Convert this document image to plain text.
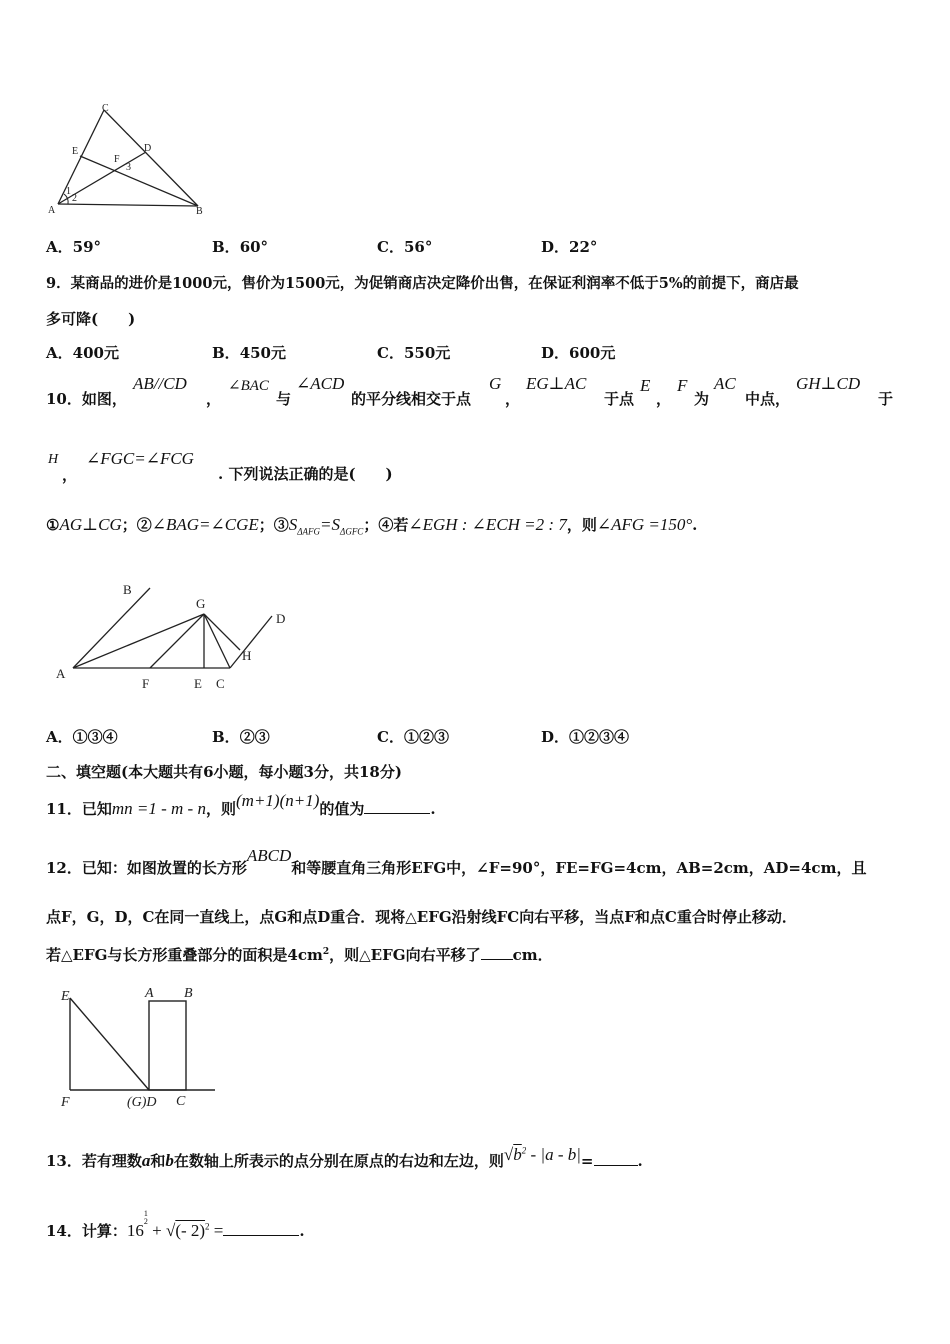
C
E	D
F
A	B
1
2
3
A．59°	B．60°	C．56°	D．22°
9．某商品的进价是1000元，售价为1500元，为促销商店决定降价出售，在保证利润率不低于5%的前提下，商店最
多可降(　　)
A．400元	B．450元	C．550元	D．600元
10．如图，
AB//CD
，
∠BAC
与
∠ACD
的平分线相交于点
G
，
EG⊥AC
于点
E
，
F
为
AC
中点，
GH⊥CD
于
H
，
∠FGC=∠FCG
. 下列说法正确的是(　　)
①AG⊥CG；②∠BAG=∠CGE；$③S_{\Delta AFG}=S_{\Delta GFC}$；④若∠EGH : ∠ECH =2 : 7，则∠AFG =150°.
B
G
D
H
A
F	E C
A．①③④	B．②③	C．①②③	D．①②③④
二、填空题(本大题共有6小题，每小题3分，共18分)
11．已知mn =1 - m - n，则(m+1)(n+1)的值为	.
12．已知：如图放置的长方形ABCD和等腰直角三角形EFG中，∠F=90°，FE=FG=4cm，AB=2cm，AD=4cm，且
点F，G，D，C在同一直线上，点G和点D重合．现将△EFG沿射线FC向右平移，当点F和点C重合时停止移动．
若△EFG与长方形重叠部分的面积是$4cm^2$，则△EFG向右平移了 cm．
E	A B
F	(G)D C
13．若有理数a和b在数轴上所表示的点分别在原点的右边和左边，则$√b^2 - |a - b|=$	.
14．计算：161
2 + √(- 2)$^2$ =	.
